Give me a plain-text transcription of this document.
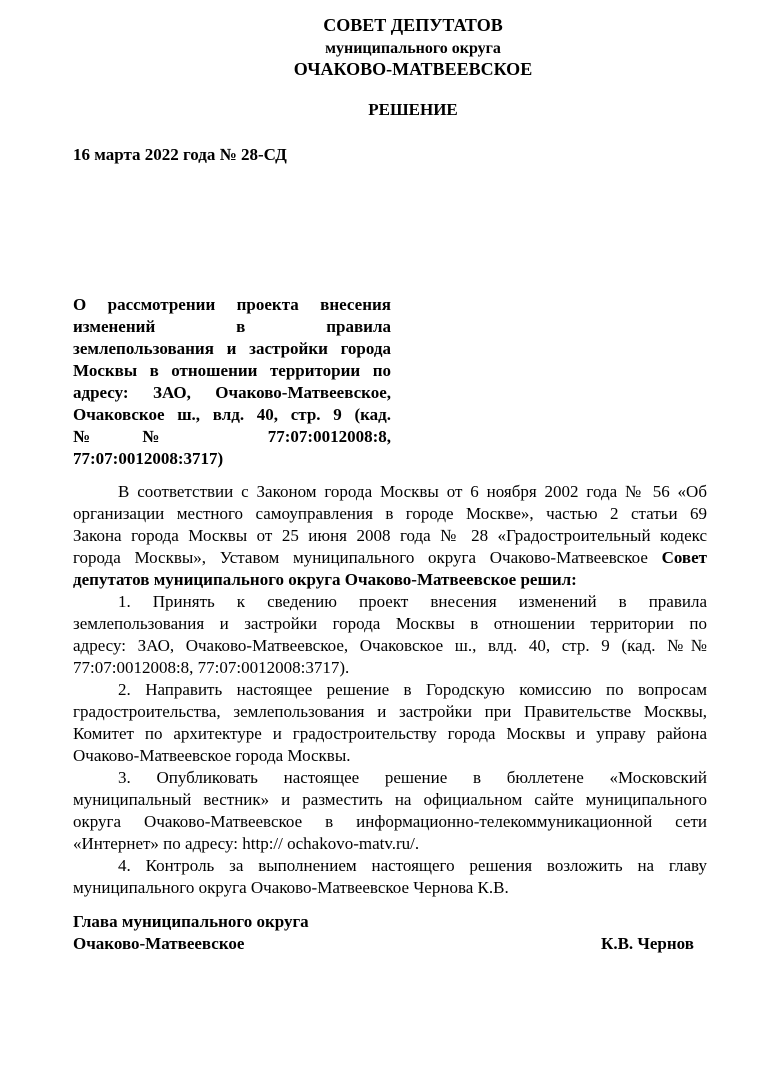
СОВЕТ ДЕПУТАТОВ
муниципального округа
ОЧАКОВО-МАТВЕЕВСКОЕ
РЕШЕНИЕ
16 марта 2022 года № 28-СД
О рассмотрении проекта внесения
изменений в правила
землепользования и застройки города
Москвы в отношении территории по
адресу: ЗАО, Очаково-Матвеевское,
Очаковское ш., влд. 40, стр. 9 (кад.
№№ 77:07:0012008:8,
77:07:0012008:3717)
В соответствии с Законом города Москвы от 6 ноября 2002 года № 56 «Об
организации местного самоуправления в городе Москве», частью 2 статьи 69
Закона города Москвы от 25 июня 2008 года № 28 «Градостроительный кодекс
города Москвы», Уставом муниципального округа Очаково-Матвеевское Совет
депутатов муниципального округа Очаково-Матвеевское решил:
1. Принять к сведению проект внесения изменений в правила
землепользования и застройки города Москвы в отношении территории по
адресу: ЗАО, Очаково-Матвеевское, Очаковское ш., влд. 40, стр. 9 (кад. №№
77:07:0012008:8, 77:07:0012008:3717).
2. Направить настоящее решение в Городскую комиссию по вопросам
градостроительства, землепользования и застройки при Правительстве Москвы,
Комитет по архитектуре и градостроительству города Москвы и управу района
Очаково-Матвеевское города Москвы.
3. Опубликовать настоящее решение в бюллетене «Московский
муниципальный вестник» и разместить на официальном сайте муниципального
округа Очаково-Матвеевское в информационно-телекоммуникационной сети
«Интернет» по адресу: http:// ochakovo-matv.ru/.
4. Контроль за выполнением настоящего решения возложить на главу
муниципального округа Очаково-Матвеевское Чернова К.В.
Глава муниципального округа
Очаково-Матвеевское	К.В. Чернов
